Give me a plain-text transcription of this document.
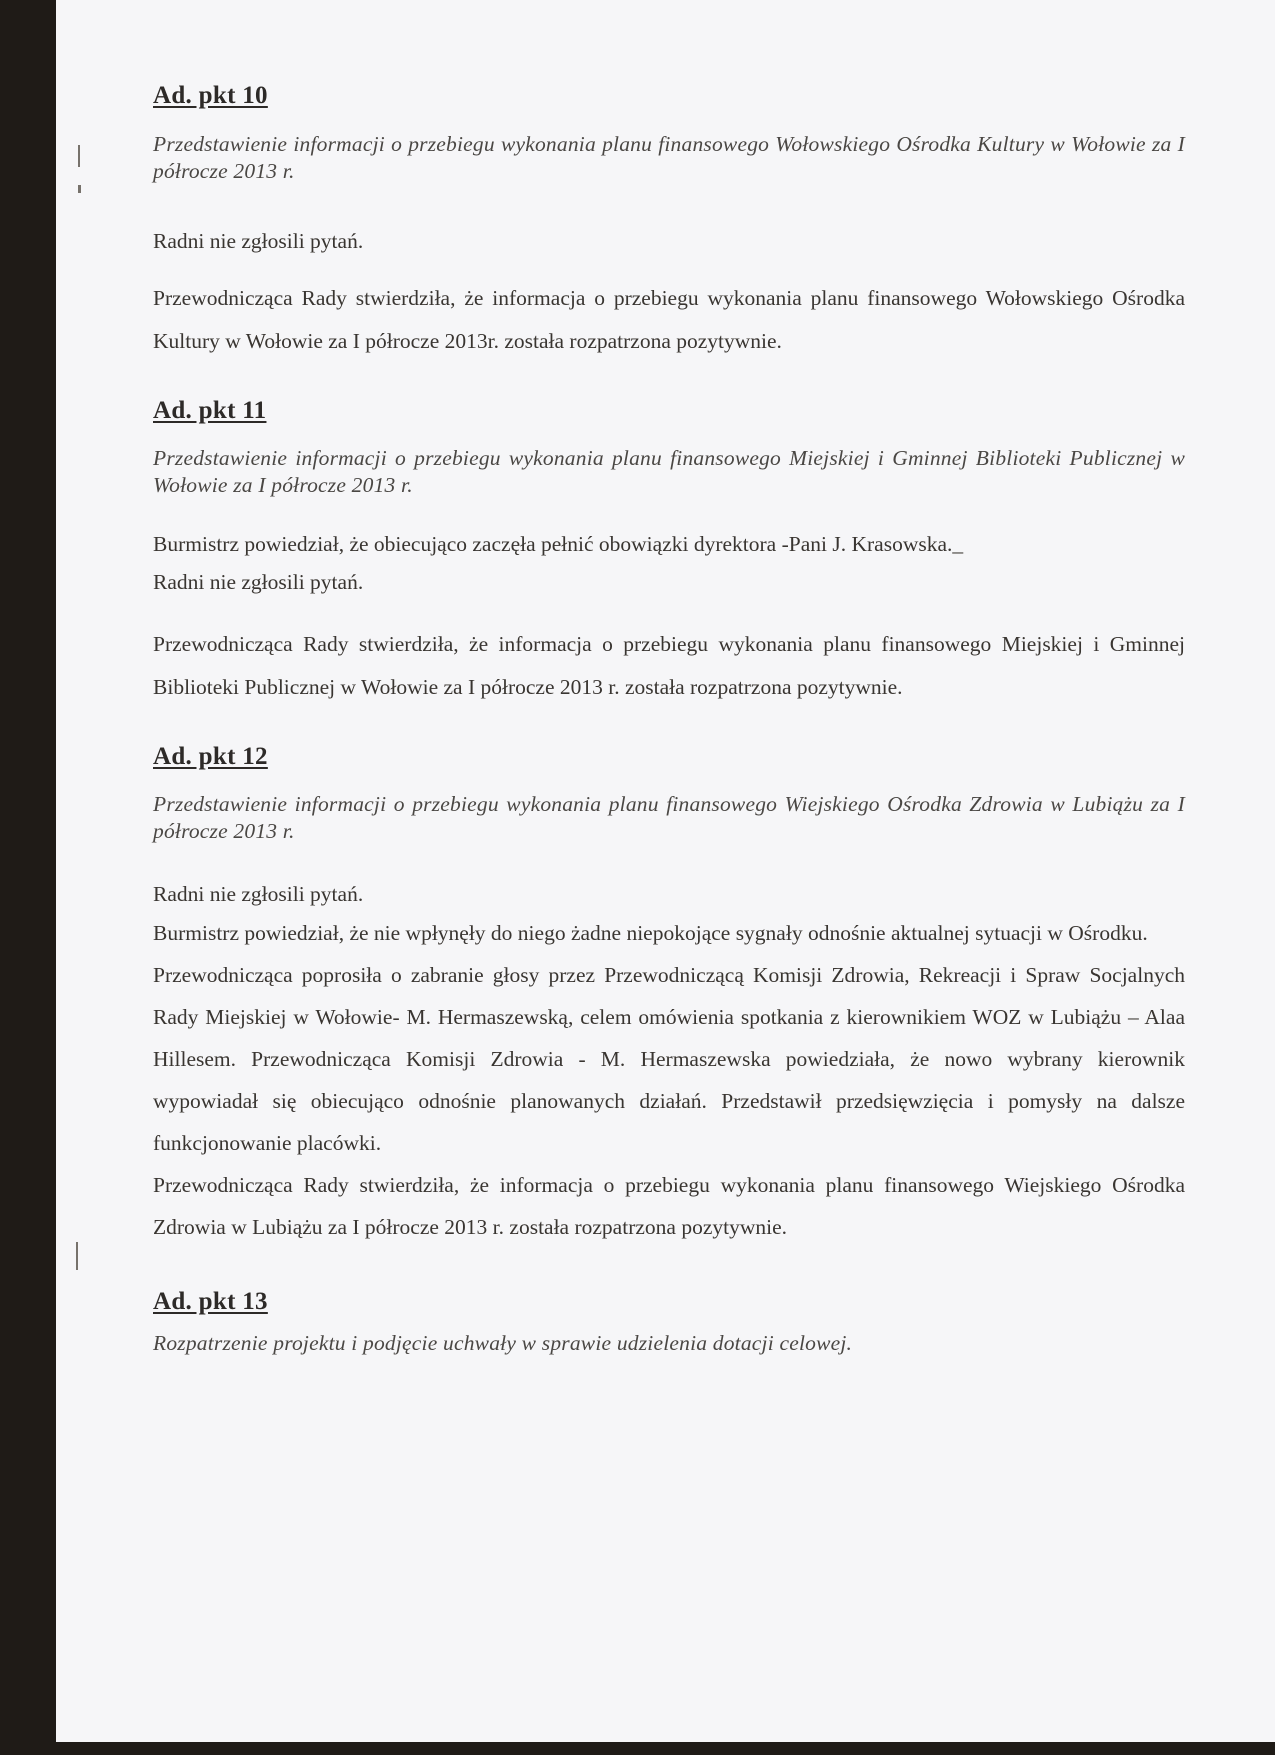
Ad. pkt 10

Przedstawienie informacji o przebiegu wykonania planu finansowego Wołowskiego Ośrodka Kultury w Wołowie za I półrocze 2013 r.

Radni nie zgłosili pytań.

Przewodnicząca Rady stwierdziła, że informacja o przebiegu wykonania planu finansowego Wołowskiego Ośrodka Kultury w Wołowie za I półrocze 2013r. została rozpatrzona pozytywnie.

Ad. pkt 11

Przedstawienie informacji o przebiegu wykonania planu finansowego Miejskiej i Gminnej Biblioteki Publicznej w Wołowie za I półrocze 2013 r.

Burmistrz powiedział, że obiecująco zaczęła pełnić obowiązki dyrektora -Pani J. Krasowska._

Radni nie zgłosili pytań.

Przewodnicząca Rady stwierdziła, że informacja o przebiegu wykonania planu finansowego Miejskiej i Gminnej Biblioteki Publicznej w Wołowie za I półrocze 2013 r. została rozpatrzona pozytywnie.

Ad. pkt 12

Przedstawienie informacji o przebiegu wykonania planu finansowego Wiejskiego Ośrodka Zdrowia w Lubiążu za I półrocze 2013 r.

Radni nie zgłosili pytań.

Burmistrz powiedział, że nie wpłynęły do niego żadne niepokojące sygnały odnośnie aktualnej sytuacji w Ośrodku.

Przewodnicząca poprosiła o zabranie głosy przez Przewodniczącą Komisji Zdrowia, Rekreacji i Spraw Socjalnych Rady Miejskiej w Wołowie- M. Hermaszewską, celem omówienia spotkania z kierownikiem WOZ w Lubiążu – Alaa Hillesem. Przewodnicząca Komisji Zdrowia - M. Hermaszewska powiedziała, że nowo wybrany kierownik wypowiadał się obiecująco odnośnie planowanych działań. Przedstawił przedsięwzięcia i pomysły na dalsze funkcjonowanie placówki.

Przewodnicząca Rady stwierdziła, że informacja o przebiegu wykonania planu finansowego Wiejskiego Ośrodka Zdrowia w Lubiążu za I półrocze 2013 r. została rozpatrzona pozytywnie.

Ad. pkt 13

Rozpatrzenie projektu i podjęcie uchwały w sprawie udzielenia dotacji celowej.
